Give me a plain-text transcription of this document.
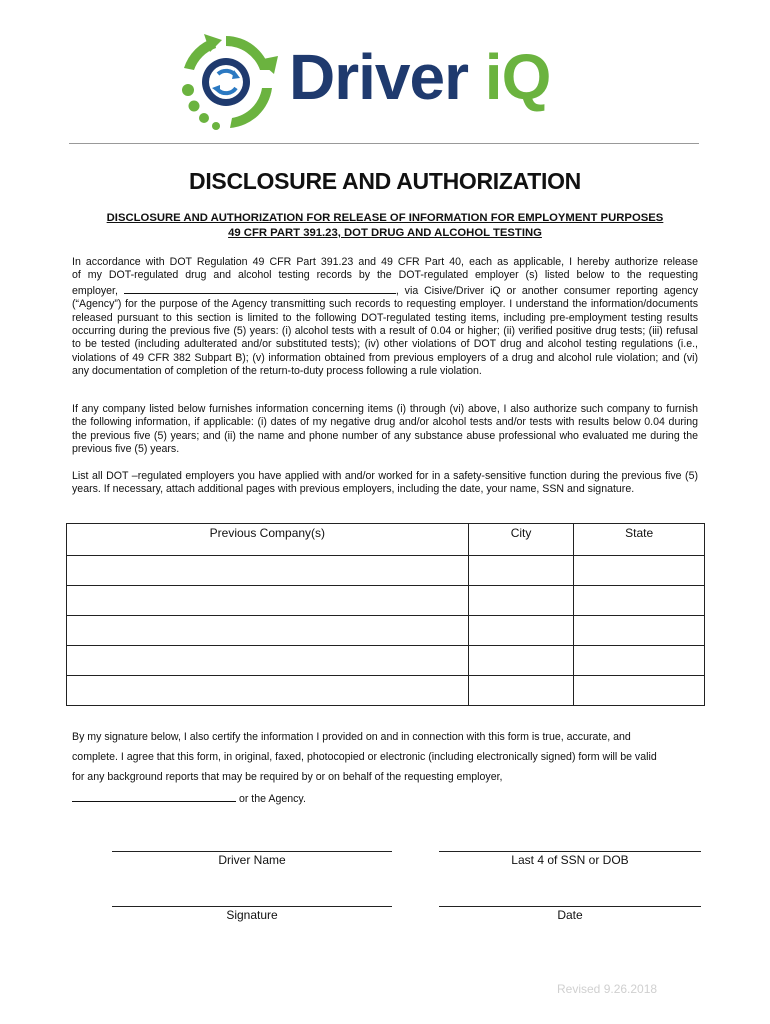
Driver iQ
DISCLOSURE AND AUTHORIZATION
DISCLOSURE AND AUTHORIZATION FOR RELEASE OF INFORMATION FOR EMPLOYMENT PURPOSES
49 CFR PART 391.23, DOT DRUG AND ALCOHOL TESTING
In accordance with DOT Regulation 49 CFR Part 391.23 and 49 CFR Part 40, each as applicable, I hereby authorize release
of my DOT-regulated drug and alcohol testing records by the DOT-regulated employer (s) listed below to the requesting
employer,	, via Cisive/Driver iQ or another consumer reporting agency
(“Agency”) for the purpose of the Agency transmitting such records to requesting employer. I understand the information/documents released pursuant to this section is limited to the following DOT-regulated testing items, including pre-employment testing results occurring during the previous five (5) years: (i) alcohol tests with a result of 0.04 or higher; (ii) verified positive drug tests; (iii) refusal to be tested (including adulterated and/or substituted tests); (iv) other violations of DOT drug and alcohol testing regulations (i.e., violations of 49 CFR 382 Subpart B); (v) information obtained from previous employers of a drug and alcohol rule violation; and (vi) any documentation of completion of the return-to-duty process following a rule violation.
If any company listed below furnishes information concerning items (i) through (vi) above, I also authorize such company to furnish the following information, if applicable: (i) dates of my negative drug and/or alcohol tests and/or tests with results below 0.04 during the previous five (5) years; and (ii) the name and phone number of any substance abuse professional who evaluated me during the previous five (5) years.
List all DOT –regulated employers you have applied with and/or worked for in a safety-sensitive function during the previous five (5) years. If necessary, attach additional pages with previous employers, including the date, your name, SSN and signature.
Previous Company(s)	City	State

By my signature below, I also certify the information I provided on and in connection with this form is true, accurate, and
complete. I agree that this form, in original, faxed, photocopied or electronic (including electronically signed) form will be valid
for any background reports that may be required by or on behalf of the requesting employer,
or the Agency.
Driver Name	Last 4 of SSN or DOB
Signature	Date
Revised 9.26.2018
